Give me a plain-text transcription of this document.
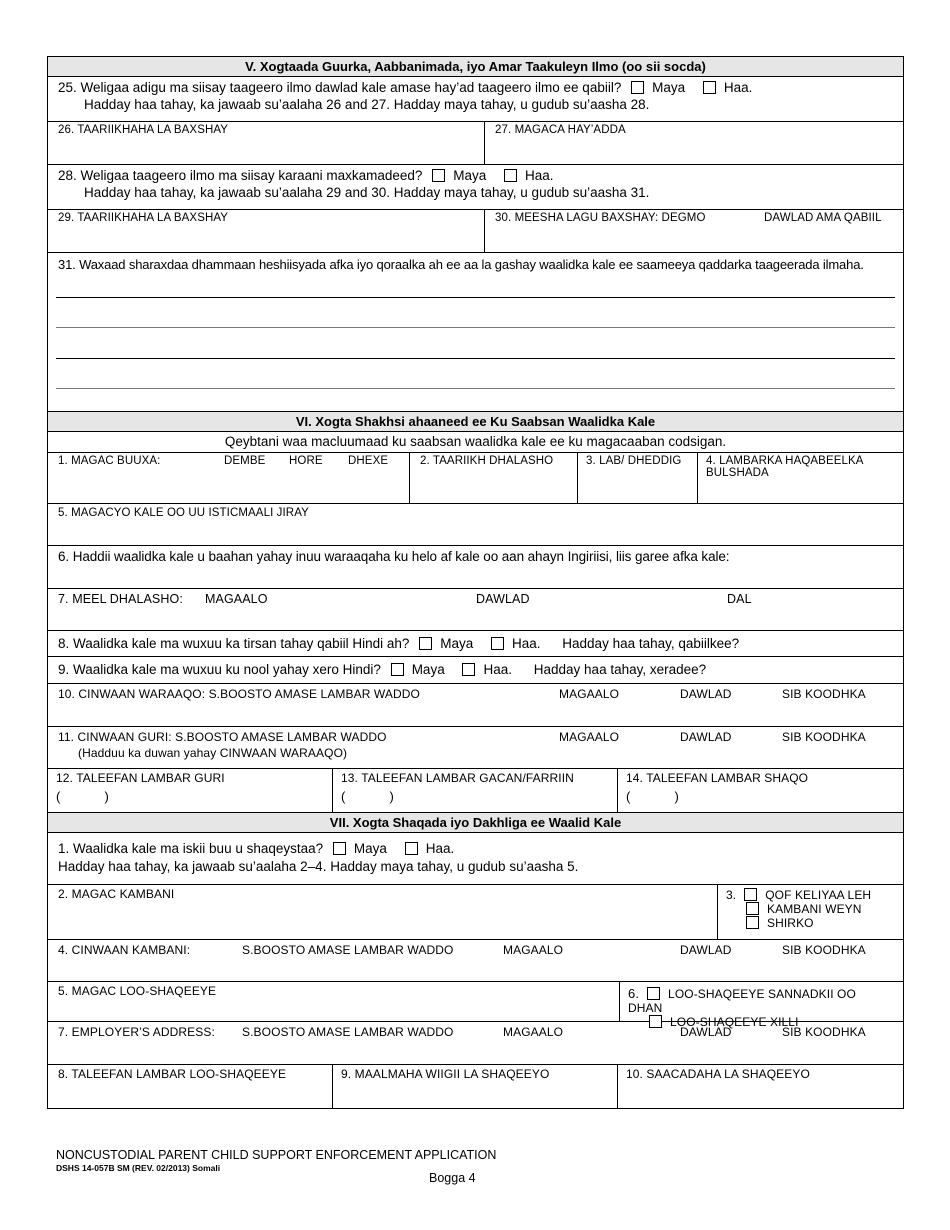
V. Xogtaada Guurka, Aabbanimada, iyo Amar Taakuleyn Ilmo (oo sii socda)
25. Weligaa adigu ma siisay taageero ilmo dawlad kale amase hay’ad taageero ilmo ee qabiil? Maya	Haa.
Hadday haa tahay, ka jawaab su’aalaha 26 and 27. Hadday maya tahay, u gudub su’aasha 28.
26. TAARIIKHAHA LA BAXSHAY	27. MAGACA HAY’ADDA
28. Weligaa taageero ilmo ma siisay karaani maxkamadeed? Maya	Haa.
Hadday haa tahay, ka jawaab su’aalaha 29 and 30. Hadday maya tahay, u gudub su’aasha 31.
29. TAARIIKHAHA LA BAXSHAY	30. MEESHA LAGU BAXSHAY: DEGMO	DAWLAD AMA QABIIL
31. Waxaad sharaxdaa dhammaan heshiisyada afka iyo qoraalka ah ee aa la gashay waalidka kale ee saameeya qaddarka taageerada ilmaha.
VI. Xogta Shakhsi ahaaneed ee Ku Saabsan Waalidka Kale
Qeybtani waa macluumaad ku saabsan waalidka kale ee ku magacaaban codsigan.
1. MAGAC BUUXA:	DEMBE HORE DHEXE	2. TAARIIKH DHALASHO	3. LAB/ DHEDDIG	4. LAMBARKA HAQABEELKA
BULSHADA
5. MAGACYO KALE OO UU ISTICMAALI JIRAY
6. Haddii waalidka kale u baahan yahay inuu waraaqaha ku helo af kale oo aan ahayn Ingiriisi, liis garee afka kale:
7. MEEL DHALASHO: MAGAALO	DAWLAD	DAL
8. Waalidka kale ma wuxuu ka tirsan tahay qabiil Hindi ah? Maya	Haa. Hadday haa tahay, qabiilkee?
9. Waalidka kale ma wuxuu ku nool yahay xero Hindi? Maya	Haa. Hadday haa tahay, xeradee?
10. CINWAAN WARAAQO: S.BOOSTO AMASE LAMBAR WADDO	MAGAALO	DAWLAD	SIB KOODHKA
11. CINWAAN GURI: S.BOOSTO AMASE LAMBAR WADDO
(Hadduu ka duwan yahay CINWAAN WARAAQO)
MAGAALO	DAWLAD	SIB KOODHKA
12. TALEEFAN LAMBAR GURI
(	)
13. TALEEFAN LAMBAR GACAN/FARRIIN
(	)
14. TALEEFAN LAMBAR SHAQO
(	)
VII. Xogta Shaqada iyo Dakhliga ee Waalid Kale
1. Waalidka kale ma iskii buu u shaqeystaa? Maya	Haa.
Hadday haa tahay, ka jawaab su’aalaha 2–4. Hadday maya tahay, u gudub su’aasha 5.
2. MAGAC KAMBANI	3. QOF KELIYAA LEH
KAMBANI WEYN
SHIRKO
4. CINWAAN KAMBANI:	S.BOOSTO AMASE LAMBAR WADDO	MAGAALO	DAWLAD	SIB KOODHKA
5. MAGAC LOO-SHAQEEYE	6. LOO-SHAQEEYE SANNADKII OO DHAN
LOO-SHAQEEYE XILLI
7. EMPLOYER’S ADDRESS: S.BOOSTO AMASE LAMBAR WADDO	MAGAALO	DAWLAD	SIB KOODHKA
8. TALEEFAN LAMBAR LOO-SHAQEEYE	9. MAALMAHA WIIGII LA SHAQEEYO	10. SAACADAHA LA SHAQEEYO
NONCUSTODIAL PARENT CHILD SUPPORT ENFORCEMENT APPLICATION
DSHS 14-057B SM (REV. 02/2013) Somali
Bogga 4
